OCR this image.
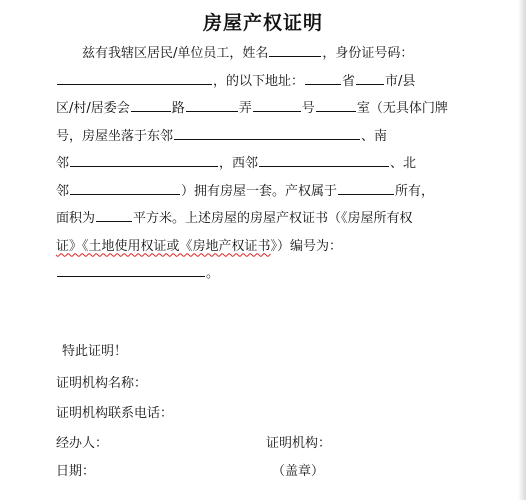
房屋产权证明
兹有我辖区居民/单位员工，姓名	，身份证号码：
，的以下地址：	省 市/县
区/村/居委会	路	弄	号	室（无具体门牌
号，房屋坐落于东邻	、南
邻	，西邻	、北
邻	）拥有房屋一套。产权属于	所有，
面积为	平方米。上述房屋的房屋产权证书（《房屋所有权
证》《土地使用权证或《房地产权证书》）编号为：
。
特此证明！
证明机构名称：
证明机构联系电话：
经办人：	证明机构：
日期：	（盖章）
